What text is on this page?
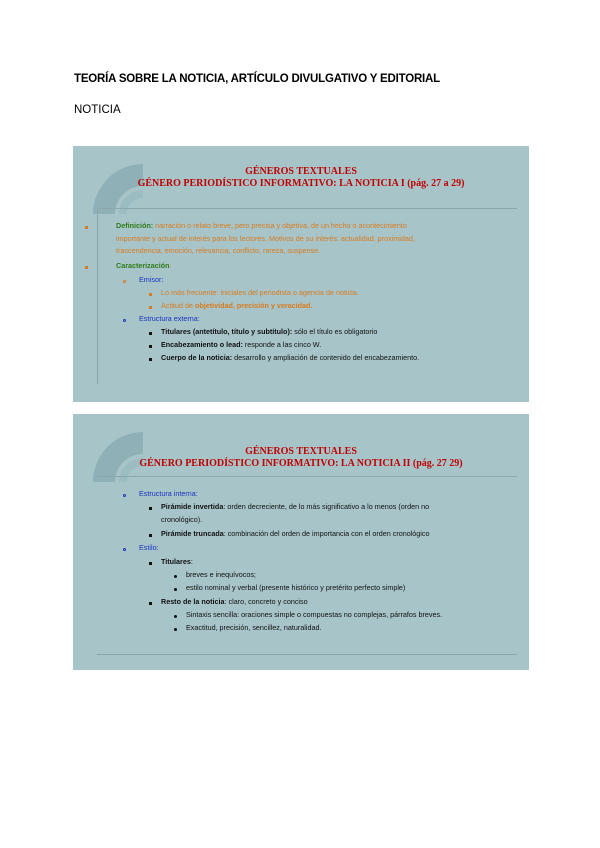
TEORÍA SOBRE LA NOTICIA, ARTÍCULO DIVULGATIVO Y EDITORIAL
NOTICIA
GÉNEROS TEXTUALES
GÉNERO PERIODÍSTICO INFORMATIVO: LA NOTICIA I (pág. 27 a 29)
Definición: narración o relato breve, pero precisa y objetiva, de un hecho o acontecimiento
importante y actual de interés para los lectores. Motivos de su interés: actualidad, proximidad,
trascendencia, emoción, relevancia, conflicto, rareza, suspense.
Caracterización:
Emisor:
Lo más frecuente: iniciales del periodista o agencia de noticia.
Actitud de objetividad, precisión y veracidad.
Estructura externa:
Titulares (antetítulo, título y subtítulo): sólo el título es obligatorio
Encabezamiento o lead: responde a las cinco W.
Cuerpo de la noticia: desarrollo y ampliación de contenido del encabezamiento.
GÉNEROS TEXTUALES
GÉNERO PERIODÍSTICO INFORMATIVO: LA NOTICIA II (pág. 27 29)
Estructura interna:
Pirámide invertida: orden decreciente, de lo más significativo a lo menos (orden no
cronológico).
Pirámide truncada: combinación del orden de importancia con el orden cronológico
Estilo:
Titulares:
breves e inequívocos;
estilo nominal y verbal (presente histórico y pretérito perfecto simple)
Resto de la noticia: claro, concreto y conciso
Sintaxis sencilla: oraciones simple o compuestas no complejas, párrafos breves.
Exactitud, precisión, sencillez, naturalidad.
